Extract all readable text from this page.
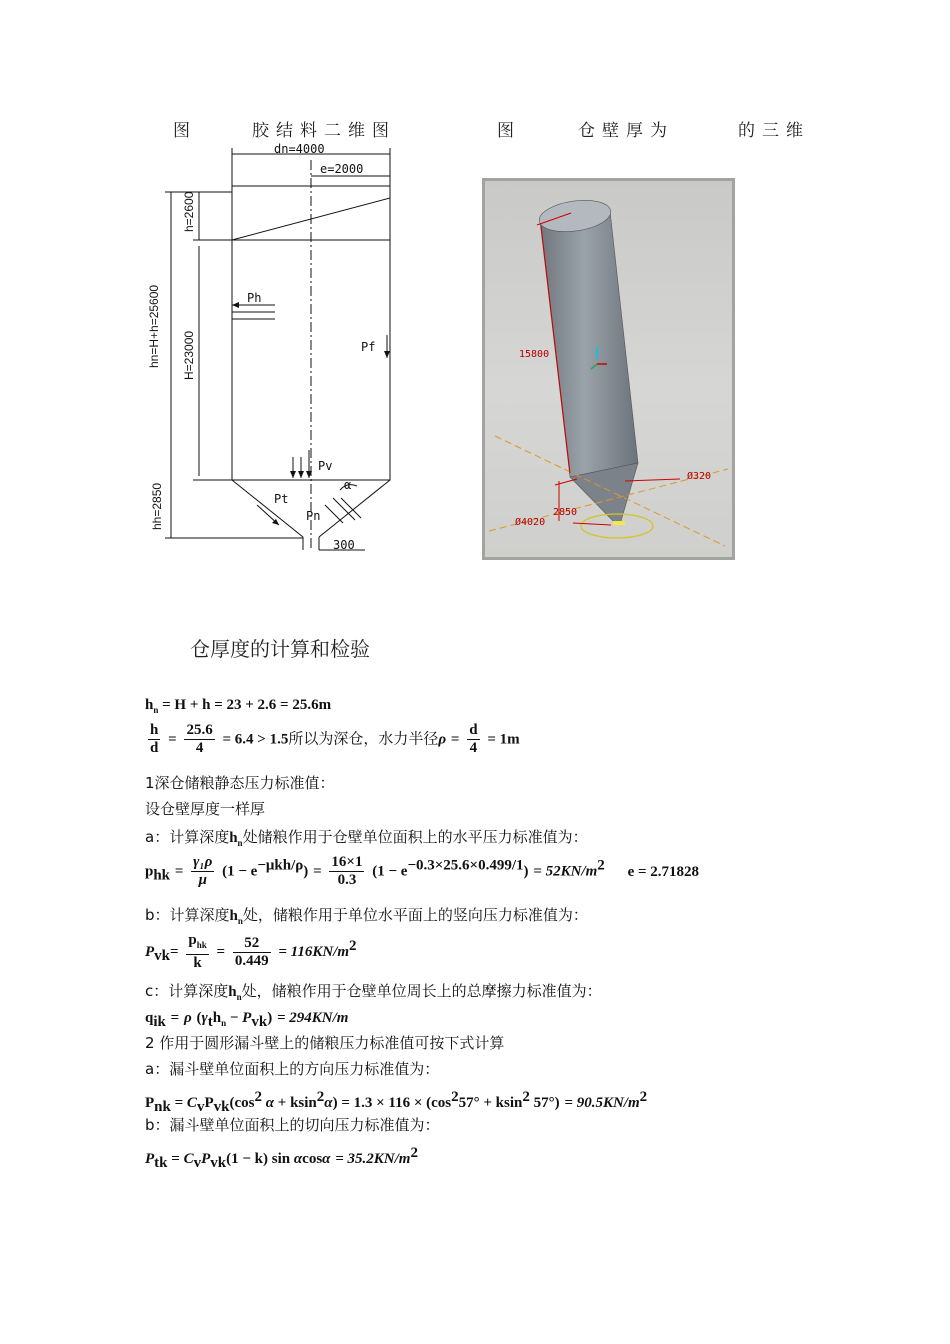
图	胶结料二维图	图	仓壁厚为	的三维
dn=4000
e=2000
h=2600
hn=H+h=25600 H=23000
hh=2850
Ph
Pf
Pv
Pt
Pn
α
300
15800
Ø320
2850
Ø4020
仓厚度的计算和检验
$h_n = H + h = 23 + 2.6 = 25.6m$
$\frac{h}{d} = \frac{25.6}{4} = 6.4 > 1.5$所以为深仓，水力半径$\rho = \frac{d}{4} = 1m$
1深仓储粮静态压力标准值：
设仓壁厚度一样厚
a：计算深度$h_n$处储粮作用于仓壁单位面积上的水平压力标准值为：
$p_{hk} = \frac{\text{γ₁ρ}}{\mu} (1 - e^{-\mu kh/\rho}) = \frac{16\times 1}{0.3} (1 - e^{-0.3\times 25.6\times 0.499/1}) = 52KN/m^2$ e = 2.71828
b：计算深度$h_n$处，储粮作用于单位水平面上的竖向压力标准值为：
$P_{vk}= \frac{p_{hk}}{k} = \frac{52}{0.449} = 116KN/m^2$
c：计算深度$h_n$处，储粮作用于仓壁单位周长上的总摩擦力标准值为：
$q_{ik} = \rho$ $(\gamma_th_n - P_{vk}) = 294KN/m$
2 作用于圆形漏斗壁上的储粮压力标准值可按下式计算
a：漏斗壁单位面积上的方向压力标准值为：
$P_{nk} = C_vP_{vk}(\cos^2$ $\alpha + ksin^2\alpha) = 1.3 \times 116 \times (\cos^257^\circ + ksin^2$ $57^\circ) = 90.5KN/m^2$
b：漏斗壁单位面积上的切向压力标准值为：
$P_{tk} = C_vP_{vk}(1 - k)$ $\sin \alpha\cos\alpha = 35.2KN/m^2$
